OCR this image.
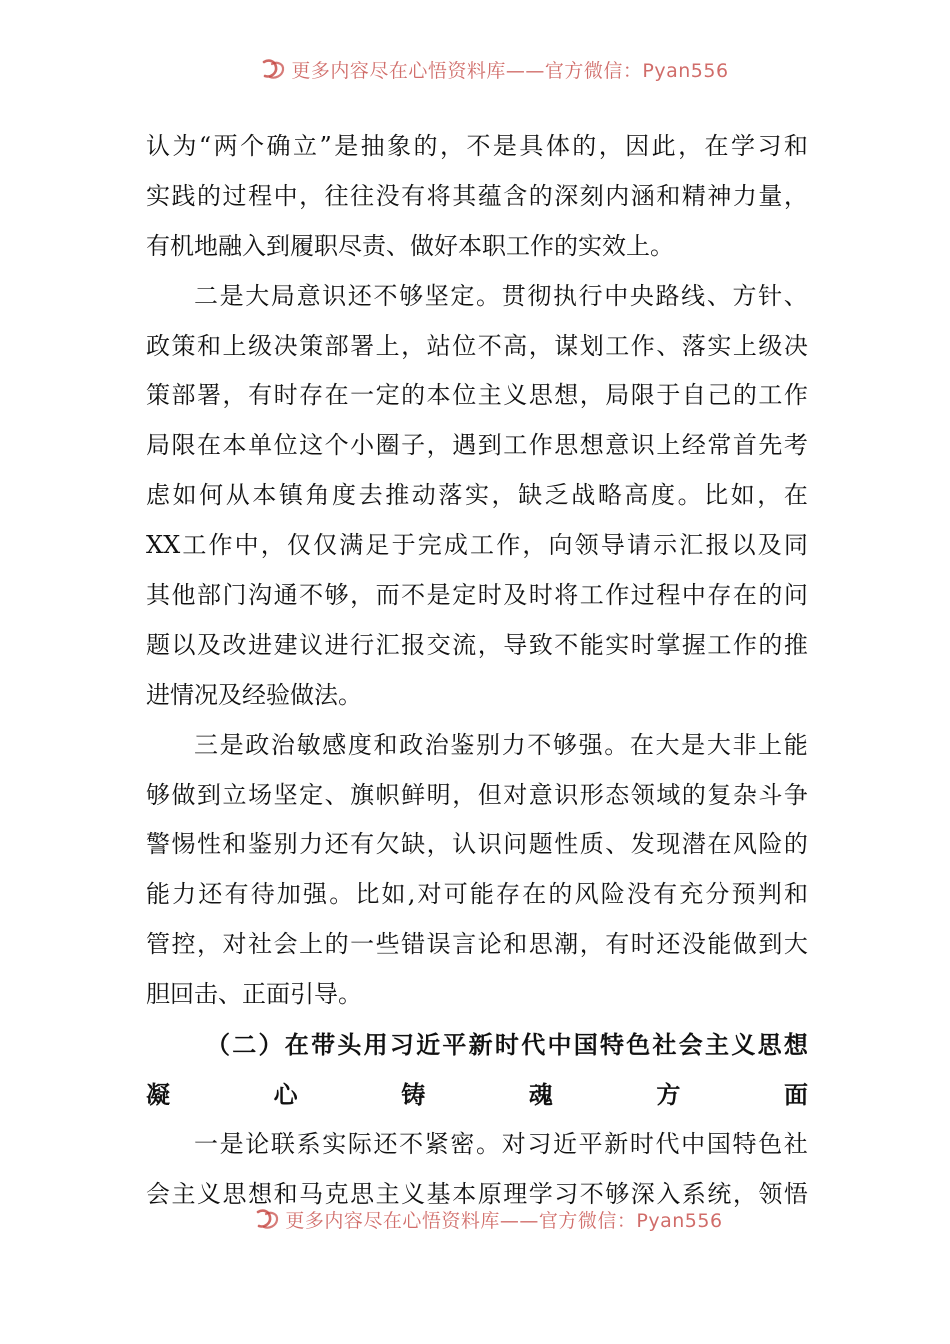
更多内容尽在心悟资料库——官方微信：Pyan556
认 为 “ 两 个 确 立 ” 是 抽 象 的 ， 不 是 具 体 的 ， 因 此 ， 在 学 习 和
实 践 的 过 程 中 ， 往 往 没 有 将 其 蕴 含 的 深 刻 内 涵 和 精 神 力 量 ，
有 机 地 融 入 到 履 职 尽 责 、 做 好 本 职 工 作 的 实 效 上 。
二 是 大 局 意 识 还 不 够 坚 定 。 贯 彻 执 行 中 央 路 线 、 方 针 、
政 策 和 上 级 决 策 部 署 上 ， 站 位 不 高 ， 谋 划 工 作 、 落 实 上 级 决
策 部 署 ， 有 时 存 在 一 定 的 本 位 主 义 思 想 ， 局 限 于 自 己 的 工 作
局 限 在 本 单 位 这 个 小 圈 子 ， 遇 到 工 作 思 想 意 识 上 经 常 首 先 考
虑 如 何 从 本 镇 角 度 去 推 动 落 实 ， 缺 乏 战 略 高 度 。 比 如 ， 在
XX 工 作 中 ， 仅 仅 满 足 于 完 成 工 作 ， 向 领 导 请 示 汇 报 以 及 同
其 他 部 门 沟 通 不 够 ， 而 不 是 定 时 及 时 将 工 作 过 程 中 存 在 的 问
题 以 及 改 进 建 议 进 行 汇 报 交 流 ， 导 致 不 能 实 时 掌 握 工 作 的 推
进 情 况 及 经 验 做 法 。
三 是 政 治 敏 感 度 和 政 治 鉴 别 力 不 够 强 。 在 大 是 大 非 上 能
够 做 到 立 场 坚 定 、 旗 帜 鲜 明 ， 但 对 意 识 形 态 领 域 的 复 杂 斗 争
警 惕 性 和 鉴 别 力 还 有 欠 缺 ， 认 识 问 题 性 质 、 发 现 潜 在 风 险 的
能 力 还 有 待 加 强 。 比 如 , 对 可 能 存 在 的 风 险 没 有 充 分 预 判 和
管 控 ， 对 社 会 上 的 一 些 错 误 言 论 和 思 潮 ， 有 时 还 没 能 做 到 大
胆 回 击 、 正 面 引 导 。
（ 二 ） 在 带 头 用 习 近 平 新 时 代 中 国 特 色 社 会 主 义 思 想
凝	心	铸	魂	方	面
一 是 论 联 系 实 际 还 不 紧 密 。 对 习 近 平 新 时 代 中 国 特 色 社
会 主 义 思 想 和 马 克 思 主 义 基 本 原 理 学 习 不 够 深 入 系 统 ， 领 悟
更多内容尽在心悟资料库——官方微信：Pyan556
